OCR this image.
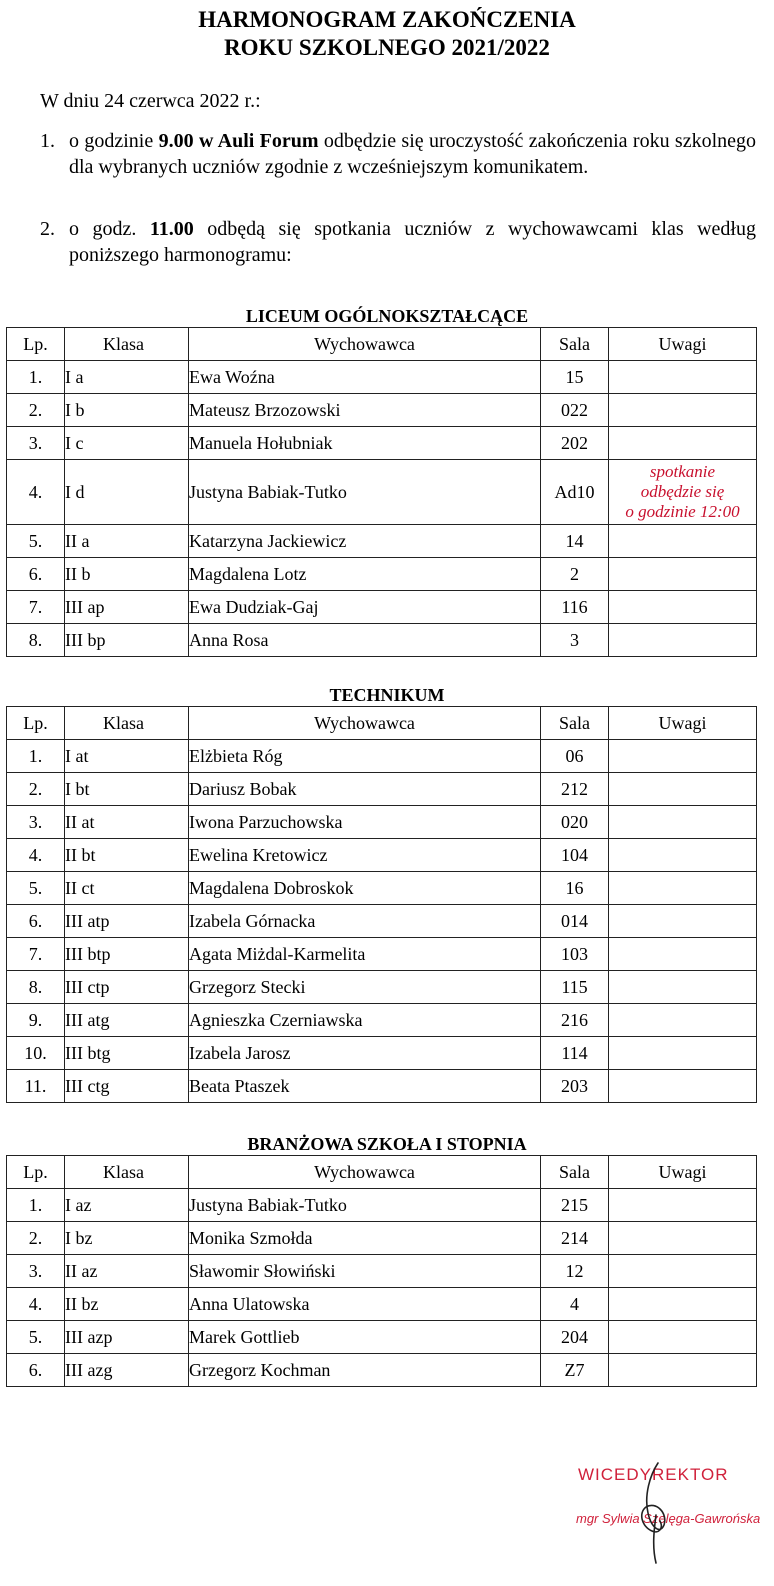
HARMONOGRAM ZAKOŃCZENIA
ROKU SZKOLNEGO 2021/2022
W dniu 24 czerwca 2022 r.:
1. o godzinie 9.00 w Auli Forum odbędzie się uroczystość zakończenia roku szkolnego dla wybranych uczniów zgodnie z wcześniejszym komunikatem.
2. o godz. 11.00 odbędą się spotkania uczniów z wychowawcami klas według poniższego harmonogramu:
LICEUM OGÓLNOKSZTAŁCĄCE
Lp.	Klasa	Wychowawca	Sala	Uwagi
1.	I a	Ewa Woźna	15	
2.	I b	Mateusz Brzozowski	022	
3.	I c	Manuela Hołubniak	202	
4.	I d	Justyna Babiak-Tutko	Ad10	spotkanie
odbędzie się
o godzinie 12:00

5.	II a	Katarzyna Jackiewicz	14	
6.	II b	Magdalena Lotz	2	
7.	III ap	Ewa Dudziak-Gaj	116	
8.	III bp	Anna Rosa	3	
TECHNIKUM
Lp.	Klasa	Wychowawca	Sala	Uwagi
1.	I at	Elżbieta Róg	06	
2.	I bt	Dariusz Bobak	212	
3.	II at	Iwona Parzuchowska	020	
4.	II bt	Ewelina Kretowicz	104	
5.	II ct	Magdalena Dobroskok	16	
6.	III atp	Izabela Górnacka	014	
7.	III btp	Agata Miżdal-Karmelita	103	
8.	III ctp	Grzegorz Stecki	115	
9.	III atg	Agnieszka Czerniawska	216	
10.	III btg	Izabela Jarosz	114	
11.	III ctg	Beata Ptaszek	203	
BRANŻOWA SZKOŁA I STOPNIA
Lp.	Klasa	Wychowawca	Sala	Uwagi
1.	I az	Justyna Babiak-Tutko	215	
2.	I bz	Monika Szmołda	214	
3.	II az	Sławomir Słowiński	12	
4.	II bz	Anna Ulatowska	4	
5.	III azp	Marek Gottlieb	204	
6.	III azg	Grzegorz Kochman	Z7	
WICEDYREKTOR
mgr Sylwia Szelęga-Gawrońska
